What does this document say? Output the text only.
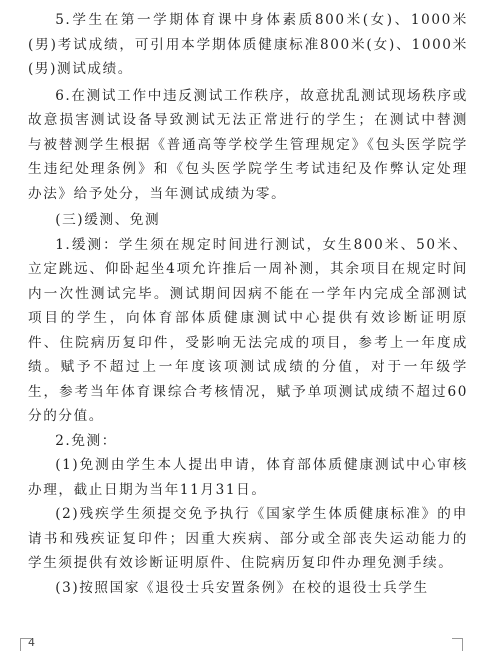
5.学生在第一学期体育课中身体素质800米(女)、1000米(男)考试成绩，可引用本学期体质健康标准800米(女)、1000米(男)测试成绩。

6.在测试工作中违反测试工作秩序，故意扰乱测试现场秩序或故意损害测试设备导致测试无法正常进行的学生；在测试中替测与被替测学生根据《普通高等学校学生管理规定》《包头医学院学生违纪处理条例》和《包头医学院学生考试违纪及作弊认定处理办法》给予处分，当年测试成绩为零。

(三)缓测、免测

1.缓测：学生须在规定时间进行测试，女生800米、50米、立定跳远、仰卧起坐4项允许推后一周补测，其余项目在规定时间内一次性测试完毕。测试期间因病不能在一学年内完成全部测试项目的学生，向体育部体质健康测试中心提供有效诊断证明原件、住院病历复印件，受影响无法完成的项目，参考上一年度成绩。赋予不超过上一年度该项测试成绩的分值，对于一年级学生，参考当年体育课综合考核情况，赋予单项测试成绩不超过60分的分值。

2.免测：

(1)免测由学生本人提出申请，体育部体质健康测试中心审核办理，截止日期为当年11月31日。

(2)残疾学生须提交免予执行《国家学生体质健康标准》的申请书和残疾证复印件；因重大疾病、部分或全部丧失运动能力的学生须提供有效诊断证明原件、住院病历复印件办理免测手续。

(3)按照国家《退役士兵安置条例》在校的退役士兵学生

4
